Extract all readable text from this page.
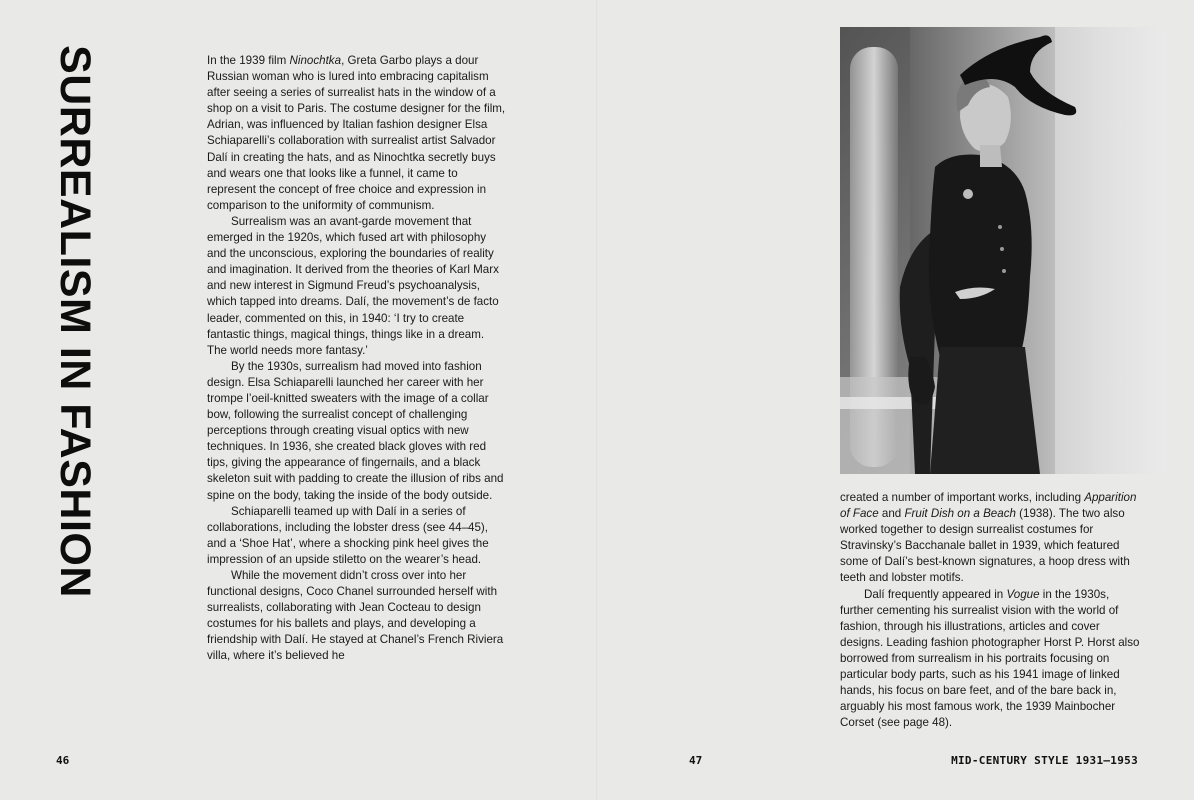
SURREALISM IN FASHION	In the 1939 film Ninochtka, Greta Garbo plays a dour Russian woman who is lured into embracing capitalism after seeing a series of surrealist hats in the window of a shop on a visit to Paris. The costume designer for the film, Adrian, was influenced by Italian fashion designer Elsa Schiaparelli’s collaboration with surrealist artist Salvador Dalí in creating the hats, and as Ninochtka secretly buys and wears one that looks like a funnel, it came to represent the concept of free choice and expression in comparison to the uniformity of communism.

Surrealism was an avant-garde movement that emerged in the 1920s, which fused art with philosophy and the unconscious, exploring the boundaries of reality and imagination. It derived from the theories of Karl Marx and new interest in Sigmund Freud’s psychoanalysis, which tapped into dreams. Dalí, the movement’s de facto leader, commented on this, in 1940: ‘I try to create fantastic things, magical things, things like in a dream. The world needs more fantasy.’

By the 1930s, surrealism had moved into fashion design. Elsa Schiaparelli launched her career with her trompe l’oeil-knitted sweaters with the image of a collar bow, following the surrealist concept of challenging perceptions through creating visual optics with new techniques. In 1936, she created black gloves with red tips, giving the appearance of fingernails, and a black skeleton suit with padding to create the illusion of ribs and spine on the body, taking the inside of the body outside.

Schiaparelli teamed up with Dalí in a series of collaborations, including the lobster dress (see 44–45), and a ‘Shoe Hat’, where a shocking pink heel gives the impression of an upside stiletto on the wearer’s head.

While the movement didn’t cross over into her functional designs, Coco Chanel surrounded herself with surrealists, collaborating with Jean Cocteau to design costumes for his ballets and plays, and developing a friendship with Dalí. He stayed at Chanel’s French Riviera villa, where it’s believed he

created a number of important works, including Apparition of Face and Fruit Dish on a Beach (1938). The two also worked together to design surrealist costumes for Stravinsky’s Bacchanale ballet in 1939, which featured some of Dalí’s best-known signatures, a hoop dress with teeth and lobster motifs.

Dalí frequently appeared in Vogue in the 1930s, further cementing his surrealist vision with the world of fashion, through his illustrations, articles and cover designs. Leading fashion photographer Horst P. Horst also borrowed from surrealism in his portraits focusing on particular body parts, such as his 1941 image of linked hands, his focus on bare feet, and of the bare back in, arguably his most famous work, the 1939 Mainbocher Corset (see page 48).

46	47	MID-CENTURY STYLE 1931–1953
